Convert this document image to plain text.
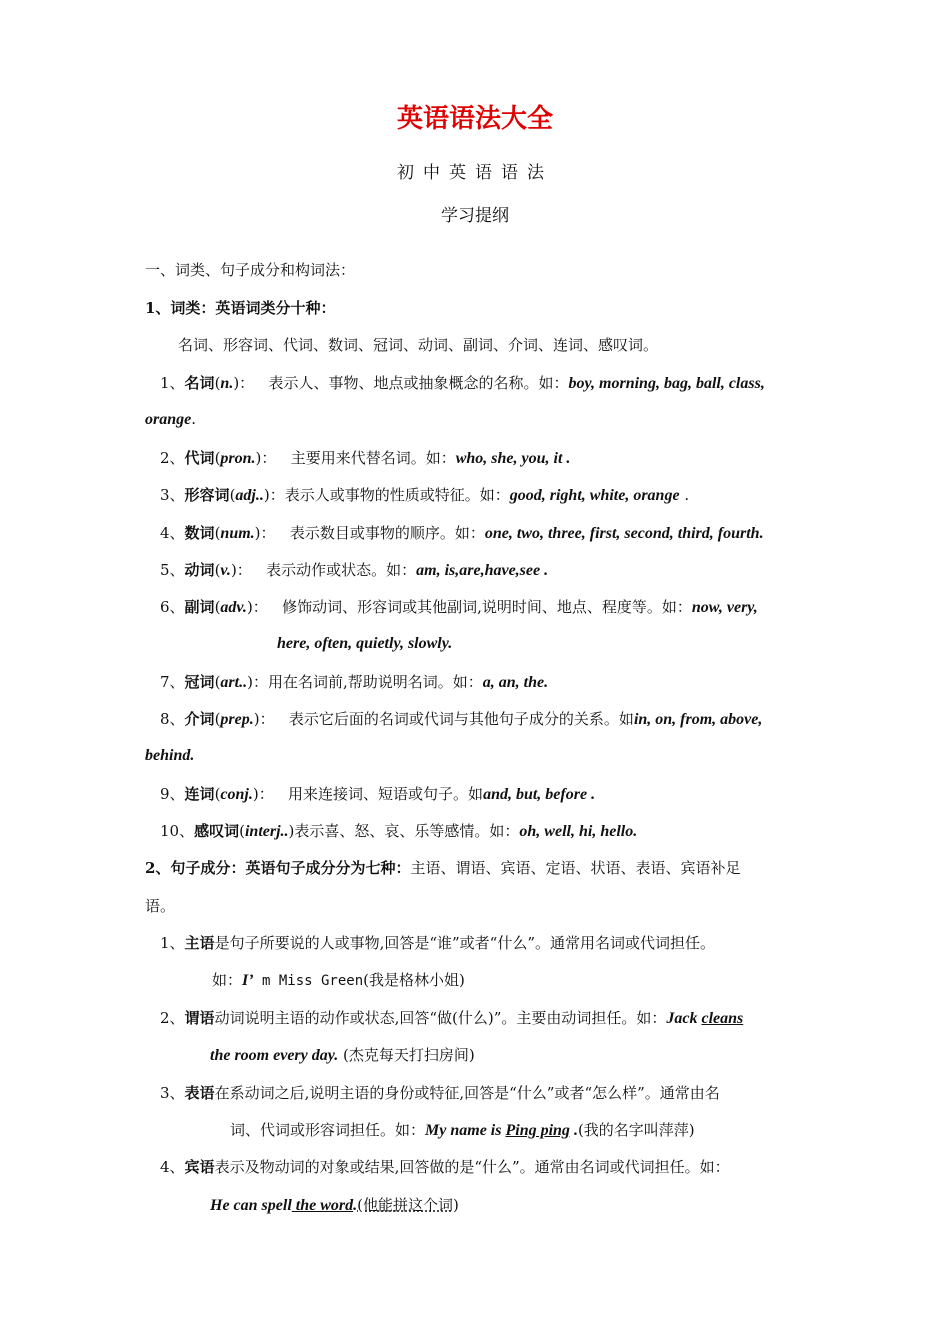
英语语法大全
初中英语语法
学习提纲
一、词类、句子成分和构词法：
1、词类：英语词类分十种：
名词、形容词、代词、数词、冠词、动词、副词、介词、连词、感叹词。
1、名词(n.)： 表示人、事物、地点或抽象概念的名称。如：boy, morning, bag, ball, class,
orange.
2、代词(pron.)： 主要用来代替名词。如：who, she, you, it .
3、形容词(adj..)：表示人或事物的性质或特征。如：good, right, white, orange .
4、数词(num.)： 表示数目或事物的顺序。如：one, two, three, first, second, third, fourth.
5、动词(v.)： 表示动作或状态。如：am, is,are,have,see .
6、副词(adv.)： 修饰动词、形容词或其他副词,说明时间、地点、程度等。如：now, very,
here, often, quietly, slowly.
7、冠词(art..)：用在名词前,帮助说明名词。如：a, an, the.
8、介词(prep.)： 表示它后面的名词或代词与其他句子成分的关系。如in, on, from, above,
behind.
9、连词(conj.)： 用来连接词、短语或句子。如and, but, before .
10、感叹词(interj..)表示喜、怒、哀、乐等感情。如：oh, well, hi, hello.
2、句子成分：英语句子成分分为七种：主语、谓语、宾语、定语、状语、表语、宾语补足
语。
1、主语是句子所要说的人或事物,回答是“谁”或者“什么”。通常用名词或代词担任。
如：I’ m Miss Green(我是格林小姐)
2、谓语动词说明主语的动作或状态,回答“做(什么)”。主要由动词担任。如：Jack cleans
the room every day. (杰克每天打扫房间)
3、表语在系动词之后,说明主语的身份或特征,回答是“什么”或者“怎么样”。通常由名
词、代词或形容词担任。如：My name is Ping ping .(我的名字叫萍萍)
4、宾语表示及物动词的对象或结果,回答做的是“什么”。通常由名词或代词担任。如：
He can spell the word.(他能拼这个词)
